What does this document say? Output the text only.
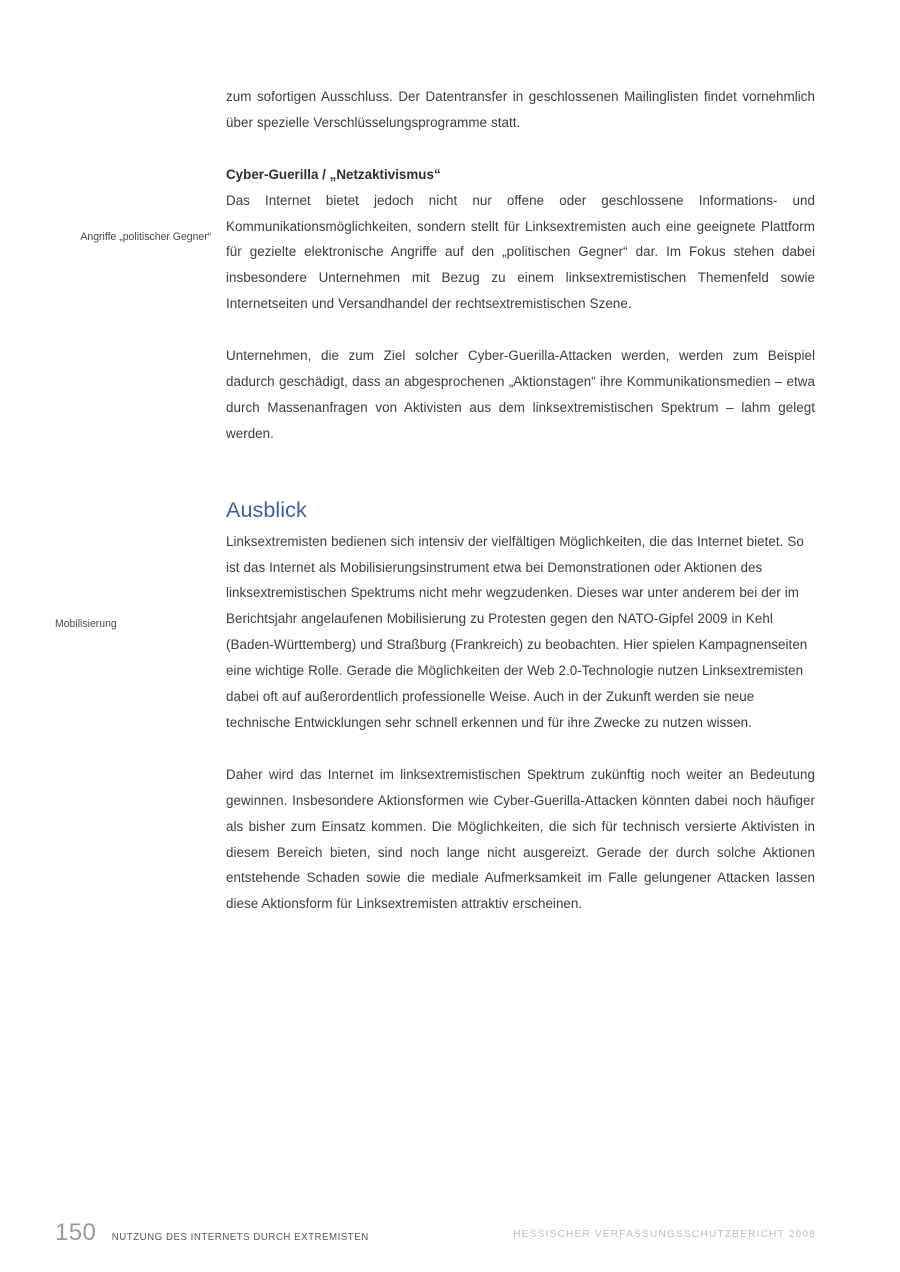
Angriffe „politischer Gegner“
Mobilisierung

zum sofortigen Ausschluss. Der Datentransfer in geschlossenen Mailinglisten findet vornehmlich über spezielle Verschlüsselungsprogramme statt.

Cyber-Guerilla / „Netzaktivismus“

Das Internet bietet jedoch nicht nur offene oder geschlossene Informations- und Kommunikationsmöglichkeiten, sondern stellt für Linksextremisten auch eine geeignete Plattform für gezielte elektronische Angriffe auf den „politischen Gegner“ dar. Im Fokus stehen dabei insbesondere Unternehmen mit Bezug zu einem linksextremistischen Themenfeld sowie Internetseiten und Versandhandel der rechtsextremistischen Szene.

Unternehmen, die zum Ziel solcher Cyber-Guerilla-Attacken werden, werden zum Beispiel dadurch geschädigt, dass an abgesprochenen „Aktionstagen“ ihre Kommunikationsmedien – etwa durch Massenanfragen von Aktivisten aus dem linksextremistischen Spektrum – lahm gelegt werden.

Ausblick

Linksextremisten bedienen sich intensiv der vielfältigen Möglichkeiten, die das Internet bietet. So ist das Internet als Mobilisierungsinstrument etwa bei Demonstrationen oder Aktionen des linksextremistischen Spektrums nicht mehr wegzudenken. Dieses war unter anderem bei der im Berichtsjahr angelaufenen Mobilisierung zu Protesten gegen den NATO-Gipfel 2009 in Kehl (Baden-Württemberg) und Straßburg (Frankreich) zu beobachten. Hier spielen Kampagnenseiten eine wichtige Rolle. Gerade die Möglichkeiten der Web 2.0-Technologie nutzen Linksextremisten dabei oft auf außerordentlich professionelle Weise. Auch in der Zukunft werden sie neue technische Entwicklungen sehr schnell erkennen und für ihre Zwecke zu nutzen wissen.

Daher wird das Internet im linksextremistischen Spektrum zukünftig noch weiter an Bedeutung gewinnen. Insbesondere Aktionsformen wie Cyber-Guerilla-Attacken könnten dabei noch häufiger als bisher zum Einsatz kommen. Die Möglichkeiten, die sich für technisch versierte Aktivisten in diesem Bereich bieten, sind noch lange nicht ausgereizt. Gerade der durch solche Aktionen entstehende Schaden sowie die mediale Aufmerksamkeit im Falle gelungener Attacken lassen diese Aktionsform für Linksextremisten attraktiv erscheinen.

150 NUTZUNG DES INTERNETS DURCH EXTREMISTEN	HESSISCHER VERFASSUNGSSCHUTZBERICHT 2008
